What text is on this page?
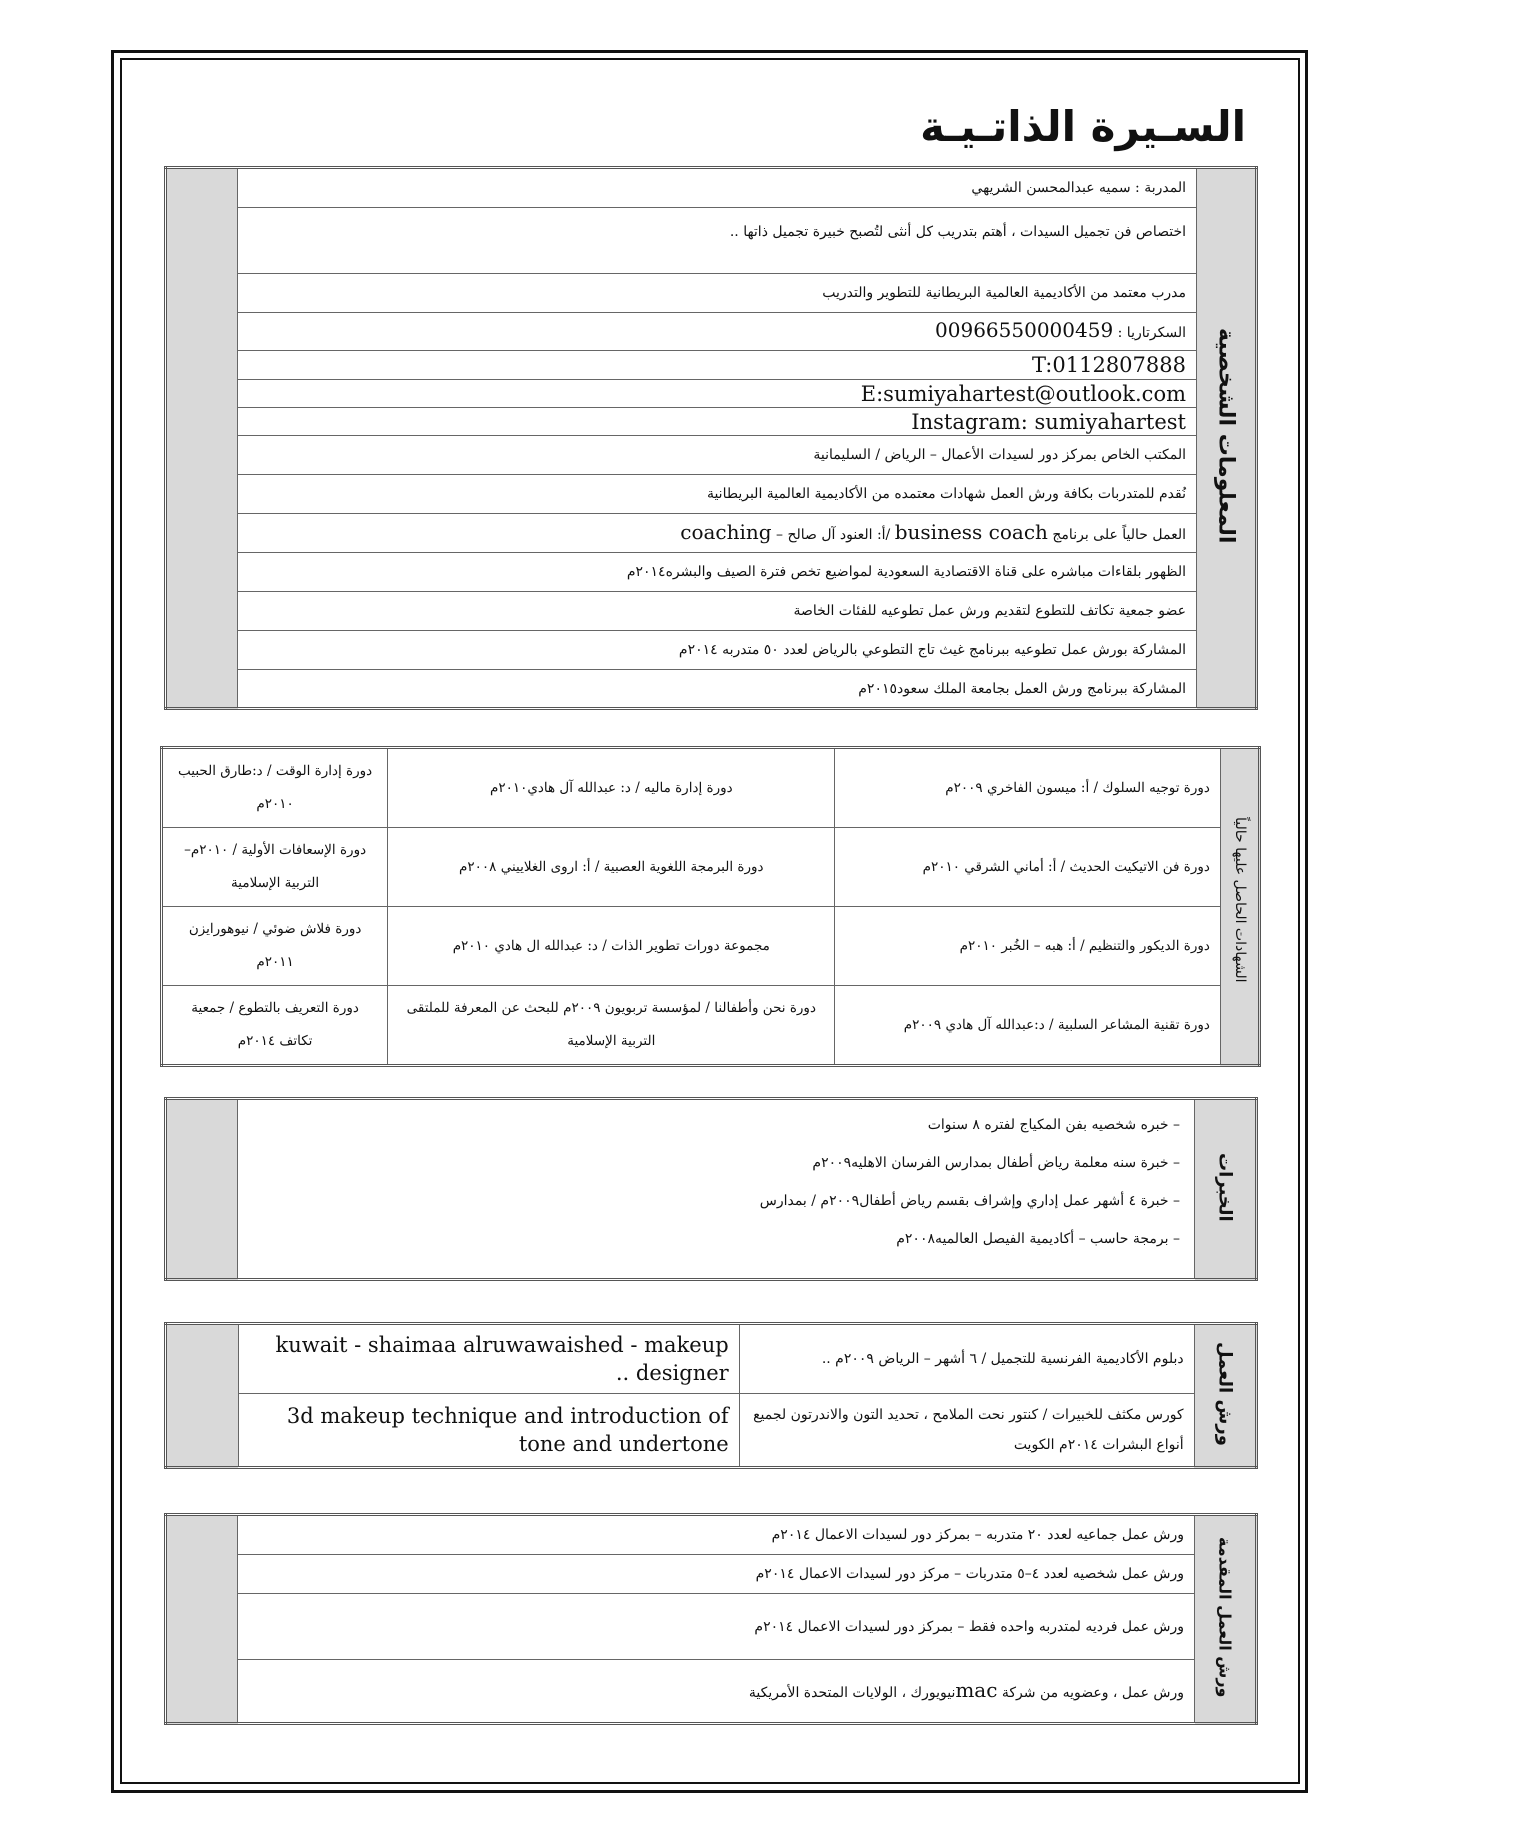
السـيرة الذاتـيـة
المعلومات الشخصية	المدربة : سميه عبدالمحسن الشريهي	
اختصاص فن تجميل السيدات ، أهتم بتدريب كل أنثى لتُصبح خبيرة تجميل ذاتها ..
مدرب معتمد من الأكاديمية العالمية البريطانية للتطوير والتدريب
السكرتاريا : 00966550000459
T:0112807888
E:sumiyahartest@outlook.com
Instagram: sumiyahartest
المكتب الخاص بمركز دور لسيدات الأعمال – الرياض / السليمانية
نُقدم للمتدربات بكافة ورش العمل شهادات معتمده من الأكاديمية العالمية البريطانية
العمل حالياً على برنامج business coach /أ: العنود آل صالح – coaching
الظهور بلقاءات مباشره على قناة الاقتصادية السعودية لمواضيع تخص فترة الصيف والبشره٢٠١٤م
عضو جمعية تكاتف للتطوع لتقديم ورش عمل تطوعيه للفئات الخاصة
المشاركة بورش عمل تطوعيه ببرنامج غيث تاج التطوعي بالرياض لعدد ٥٠ متدربه ٢٠١٤م
المشاركة ببرنامج ورش العمل بجامعة الملك سعود٢٠١٥م
الشهادات الحاصل عليها حالياً	دورة توجيه السلوك / أ: ميسون الفاخري ٢٠٠٩م	دورة إدارة ماليه / د: عبدالله آل هادي٢٠١٠م	دورة إدارة الوقت / د:طارق الحبيب ٢٠١٠م
	دورة فن الاتيكيت الحديث / أ: أماني الشرقي ٢٠١٠م	دورة البرمجة اللغوية العصبية / أ: اروى الغلاييني ٢٠٠٨م	دورة الإسعافات الأولية / ٢٠١٠م– التربية الإسلامية
	دورة الديكور والتنظيم / أ: هبه – الخُبر ٢٠١٠م	مجموعة دورات تطوير الذات / د: عبدالله ال هادي ٢٠١٠م	دورة فلاش ضوئي / نيوهورايزن ٢٠١١م
	دورة تقنية المشاعر السلبية / د:عبدالله آل هادي ٢٠٠٩م	دورة نحن وأطفالنا / لمؤسسة تربويون ٢٠٠٩م للبحث عن المعرفة للملتقى التربية الإسلامية	دورة التعريف بالتطوع / جمعية تكاتف ٢٠١٤م
الخبرات	
– خبره شخصيه بفن المكياج لفتره ٨ سنوات
– خبرة سنه معلمة رياض أطفال بمدارس الفرسان الاهليه٢٠٠٩م
– خبرة ٤ أشهر عمل إداري وإشراف بقسم رياض أطفال٢٠٠٩م / بمدارس
– برمجة حاسب – أكاديمية الفيصل العالميه٢٠٠٨م

ورش العمل	دبلوم الأكاديمية الفرنسية للتجميل / ٦ أشهر – الرياض ٢٠٠٩م ..	kuwait - shaimaa alruwawaished - makeup designer ..	
	كورس مكثف للخبيرات / كنتور نحت الملامح ، تحديد التون والاندرتون لجميع أنواع البشرات ٢٠١٤م الكويت	3d makeup technique and introduction of tone and undertone	
ورش العمل المقدمة	ورش عمل جماعيه لعدد ٢٠ متدربه – بمركز دور لسيدات الاعمال ٢٠١٤م	
ورش عمل شخصيه لعدد ٤–٥ متدربات – مركز دور لسيدات الاعمال ٢٠١٤م
ورش عمل فرديه لمتدربه واحده فقط – بمركز دور لسيدات الاعمال ٢٠١٤م
ورش عمل ، وعضويه من شركة macنيويورك ، الولايات المتحدة الأمريكية
